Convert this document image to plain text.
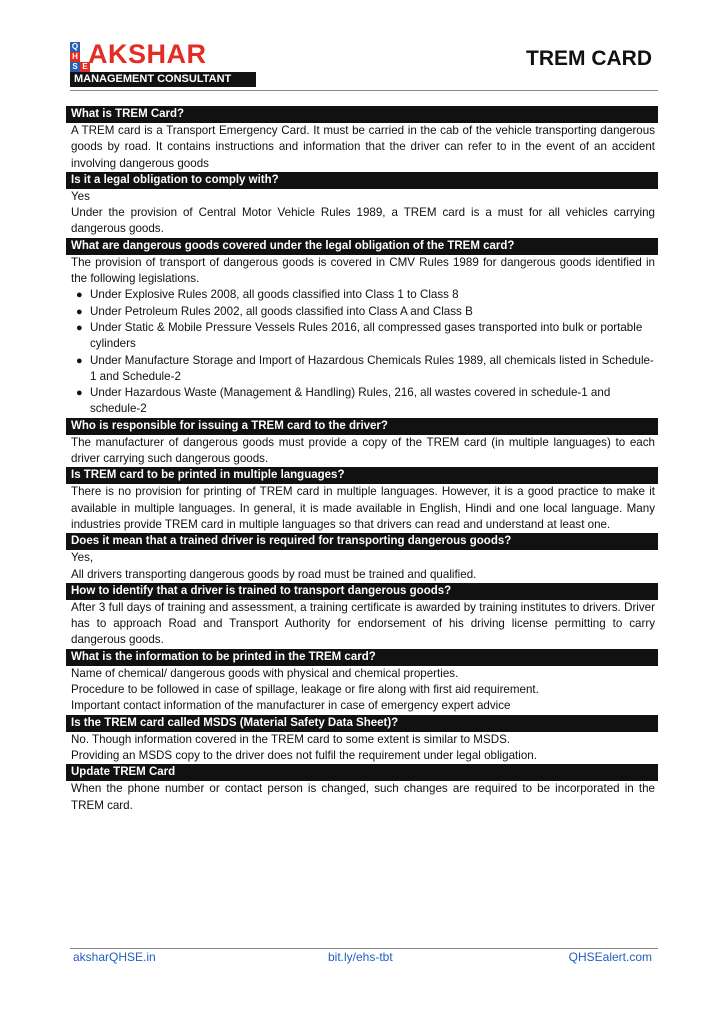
Q
H
S E AKSHAR
MANAGEMENT CONSULTANT
TREM CARD
What is TREM Card?

A TREM card is a Transport Emergency Card. It must be carried in the cab of the vehicle transporting dangerous goods by road. It contains instructions and information that the driver can refer to in the event of an accident involving dangerous goods

Is it a legal obligation to comply with?

Yes

Under the provision of Central Motor Vehicle Rules 1989, a TREM card is a must for all vehicles carrying dangerous goods.

What are dangerous goods covered under the legal obligation of the TREM card?

The provision of transport of dangerous goods is covered in CMV Rules 1989 for dangerous goods identified in the following legislations.

● Under Explosive Rules 2008, all goods classified into Class 1 to Class 8
● Under Petroleum Rules 2002, all goods classified into Class A and Class B
● Under Static & Mobile Pressure Vessels Rules 2016, all compressed gases transported into bulk or portable cylinders
● Under Manufacture Storage and Import of Hazardous Chemicals Rules 1989, all chemicals listed in Schedule-1 and Schedule-2
● Under Hazardous Waste (Management & Handling) Rules, 216, all wastes covered in schedule-1 and schedule-2
Who is responsible for issuing a TREM card to the driver?

The manufacturer of dangerous goods must provide a copy of the TREM card (in multiple languages) to each driver carrying such dangerous goods.

Is TREM card to be printed in multiple languages?

There is no provision for printing of TREM card in multiple languages. However, it is a good practice to make it available in multiple languages. In general, it is made available in English, Hindi and one local language. Many industries provide TREM card in multiple languages so that drivers can read and understand at least one.

Does it mean that a trained driver is required for transporting dangerous goods?

Yes,

All drivers transporting dangerous goods by road must be trained and qualified.

How to identify that a driver is trained to transport dangerous goods?

After 3 full days of training and assessment, a training certificate is awarded by training institutes to drivers. Driver has to approach Road and Transport Authority for endorsement of his driving license permitting to carry dangerous goods.

What is the information to be printed in the TREM card?

Name of chemical/ dangerous goods with physical and chemical properties.

Procedure to be followed in case of spillage, leakage or fire along with first aid requirement.

Important contact information of the manufacturer in case of emergency expert advice

Is the TREM card called MSDS (Material Safety Data Sheet)?

No. Though information covered in the TREM card to some extent is similar to MSDS.

Providing an MSDS copy to the driver does not fulfil the requirement under legal obligation.

Update TREM Card

When the phone number or contact person is changed, such changes are required to be incorporated in the TREM card.

aksharQHSE.in	bit.ly/ehs-tbt	QHSEalert.com
